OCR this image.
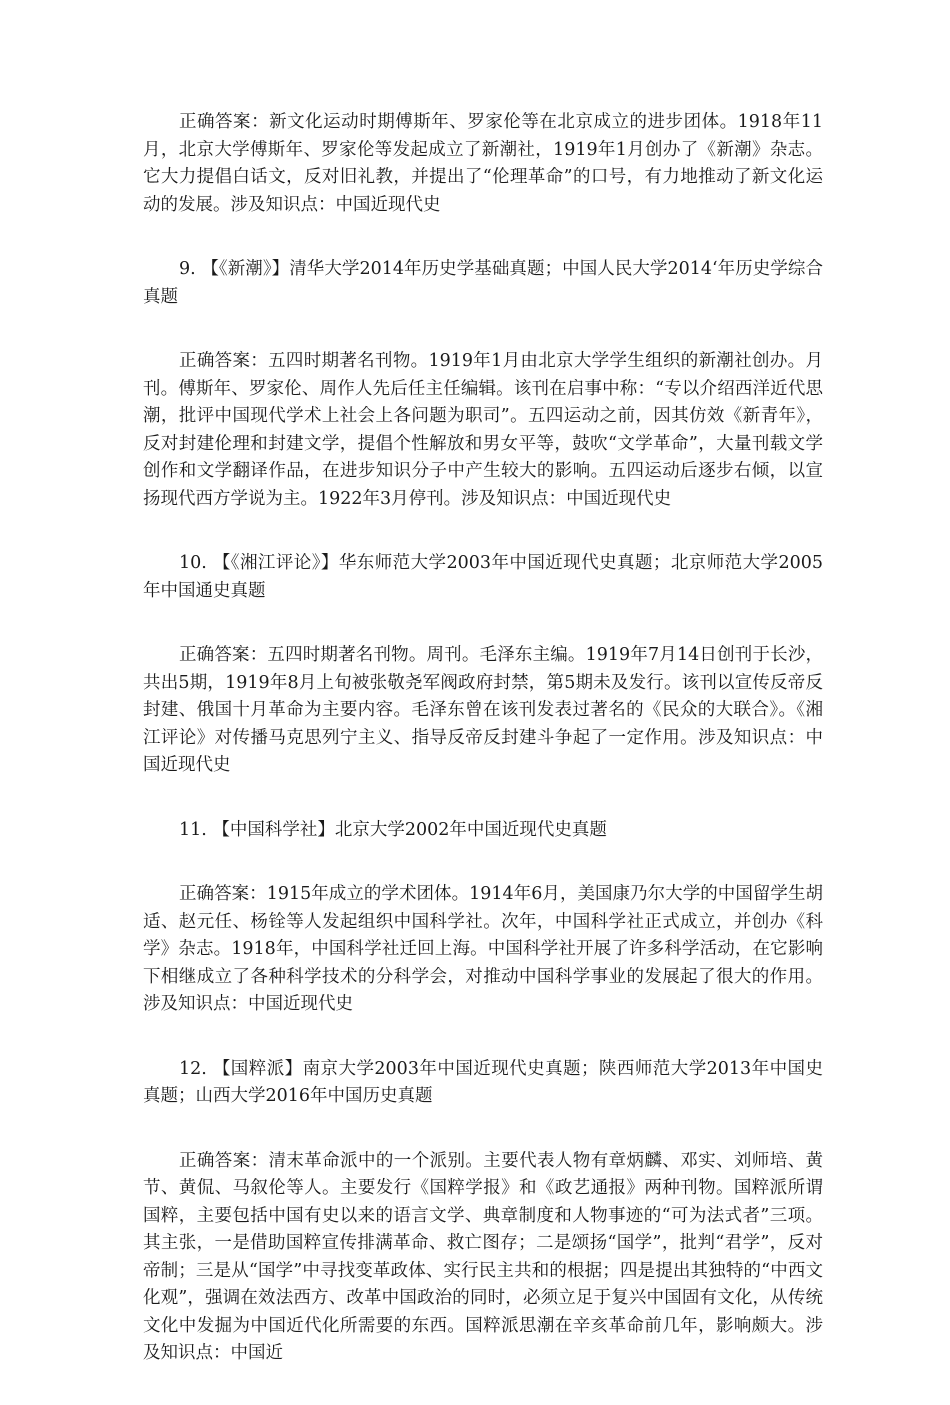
正确答案：新文化运动时期傅斯年、罗家伦等在北京成立的进步团体。1918年11月，北京大学傅斯年、罗家伦等发起成立了新潮社，1919年1月创办了《新潮》杂志。它大力提倡白话文，反对旧礼教，并提出了“伦理革命”的口号，有力地推动了新文化运动的发展。涉及知识点：中国近现代史

9. 【《新潮》】清华大学2014年历史学基础真题；中国人民大学2014‘年历史学综合真题

正确答案：五四时期著名刊物。1919年1月由北京大学学生组织的新潮社创办。月刊。傅斯年、罗家伦、周作人先后任主任编辑。该刊在启事中称：“专以介绍西洋近代思潮，批评中国现代学术上社会上各问题为职司”。五四运动之前，因其仿效《新青年》，反对封建伦理和封建文学，提倡个性解放和男女平等，鼓吹“文学革命”，大量刊载文学创作和文学翻译作品，在进步知识分子中产生较大的影响。五四运动后逐步右倾，以宣扬现代西方学说为主。1922年3月停刊。涉及知识点：中国近现代史

10. 【《湘江评论》】华东师范大学2003年中国近现代史真题；北京师范大学2005年中国通史真题

正确答案：五四时期著名刊物。周刊。毛泽东主编。1919年7月14日创刊于长沙，共出5期，1919年8月上旬被张敬尧军阀政府封禁，第5期未及发行。该刊以宣传反帝反封建、俄国十月革命为主要内容。毛泽东曾在该刊发表过著名的《民众的大联合》。《湘江评论》对传播马克思列宁主义、指导反帝反封建斗争起了一定作用。涉及知识点：中国近现代史

11. 【中国科学社】北京大学2002年中国近现代史真题

正确答案：1915年成立的学术团体。1914年6月，美国康乃尔大学的中国留学生胡适、赵元任、杨铨等人发起组织中国科学社。次年，中国科学社正式成立，并创办《科学》杂志。1918年，中国科学社迁回上海。中国科学社开展了许多科学活动，在它影响下相继成立了各种科学技术的分科学会，对推动中国科学事业的发展起了很大的作用。涉及知识点：中国近现代史

12. 【国粹派】南京大学2003年中国近现代史真题；陕西师范大学2013年中国史真题；山西大学2016年中国历史真题

正确答案：清末革命派中的一个派别。主要代表人物有章炳麟、邓实、刘师培、黄节、黄侃、马叙伦等人。主要发行《国粹学报》和《政艺通报》两种刊物。国粹派所谓国粹，主要包括中国有史以来的语言文学、典章制度和人物事迹的“可为法式者”三项。其主张，一是借助国粹宣传排满革命、救亡图存；二是颂扬“国学”，批判“君学”，反对帝制；三是从“国学”中寻找变革政体、实行民主共和的根据；四是提出其独特的“中西文化观”，强调在效法西方、改革中国政治的同时，必须立足于复兴中国固有文化，从传统文化中发掘为中国近代化所需要的东西。国粹派思潮在辛亥革命前几年，影响颇大。涉及知识点：中国近
